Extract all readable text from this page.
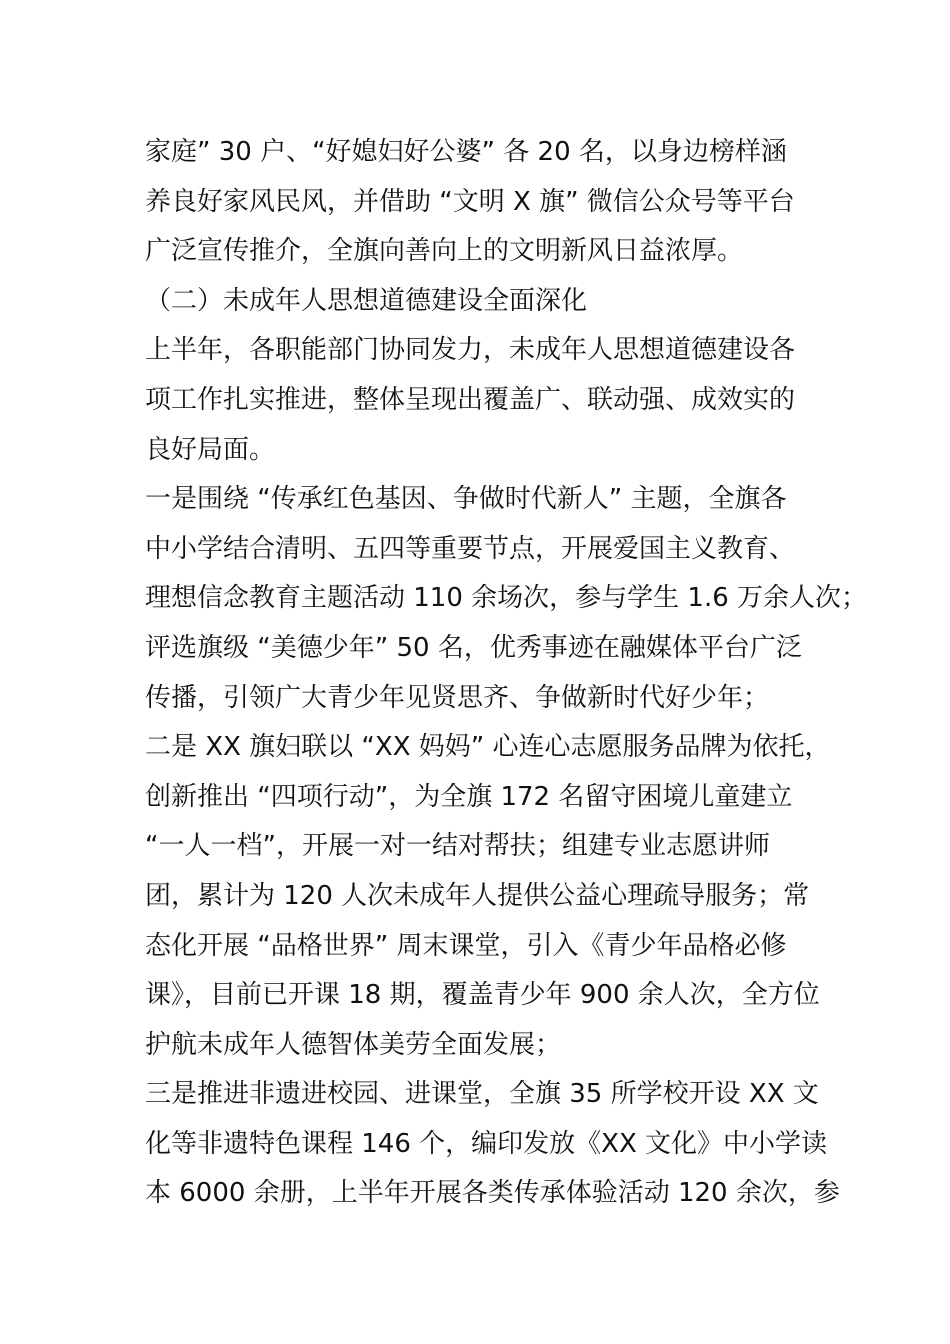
家庭” 30 户、“好媳妇好公婆” 各 20 名，以身边榜样涵
养良好家风民风，并借助 “文明 X 旗” 微信公众号等平台
广泛宣传推介，全旗向善向上的文明新风日益浓厚。
（二）未成年人思想道德建设全面深化
上半年，各职能部门协同发力，未成年人思想道德建设各
项工作扎实推进，整体呈现出覆盖广、联动强、成效实的
良好局面。
一是围绕 “传承红色基因、争做时代新人” 主题，全旗各
中小学结合清明、五四等重要节点，开展爱国主义教育、
理想信念教育主题活动 110 余场次，参与学生 1.6 万余人次；
评选旗级 “美德少年” 50 名，优秀事迹在融媒体平台广泛
传播，引领广大青少年见贤思齐、争做新时代好少年；
二是 XX 旗妇联以 “XX 妈妈” 心连心志愿服务品牌为依托，
创新推出 “四项行动”，为全旗 172 名留守困境儿童建立
“一人一档”，开展一对一结对帮扶；组建专业志愿讲师
团，累计为 120 人次未成年人提供公益心理疏导服务；常
态化开展 “品格世界” 周末课堂，引入《青少年品格必修
课》，目前已开课 18 期，覆盖青少年 900 余人次，全方位
护航未成年人德智体美劳全面发展；
三是推进非遗进校园、进课堂，全旗 35 所学校开设 XX 文
化等非遗特色课程 146 个，编印发放《XX 文化》中小学读
本 6000 余册，上半年开展各类传承体验活动 120 余次，参
